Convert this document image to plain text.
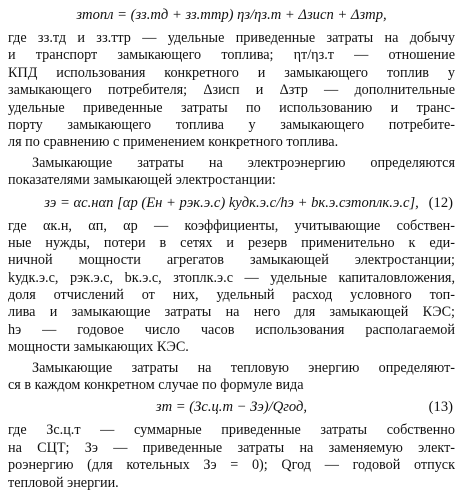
зтопл = (зз.тд + зз.ттр) ηз/ηз.т + Δзисп + Δзтр,
где зз.тд и зз.ттр — удельные приведенные затраты на добычу
и транспорт замыкающего топлива; ηт/ηз.т — отношение
КПД использования конкретного и замыкающего топлив у
замыкающего потребителя; Δзисп и Δзтр — дополнительные
удельные приведенные затраты по использованию и транс-
порту замыкающего топлива у замыкающего потребите-
ля по сравнению с применением конкретного топлива.
Замыкающие затраты на электроэнергию определяются
показателями замыкающей электростанции:
зэ = αс.нαп [αр (Ен + pэк.э.с) kудк.э.с/hэ + bк.э.сзтоплк.э.с], (12)
где αк.н, αп, αр — коэффициенты, учитывающие собствен-
ные нужды, потери в сетях и резерв применительно к еди-
ничной мощности агрегатов замыкающей электростанции;
kудк.э.с, pэк.э.с, bк.э.с, зтоплк.э.с — удельные капиталовложения,
доля отчислений от них, удельный расход условного топ-
лива и замыкающие затраты на него для замыкающей КЭС;
hэ — годовое число часов использования располагаемой
мощности замыкающих КЭС.
Замыкающие затраты на тепловую энергию определяют-
ся в каждом конкретном случае по формуле вида
зт = (Зс.ц.т − Зэ)/Qгод,	(13)
где Зс.ц.т — суммарные приведенные затраты собственно
на СЦТ; Зэ — приведенные затраты на заменяемую элект-
роэнергию (для котельных Зэ = 0); Qгод — годовой отпуск
тепловой энергии.
